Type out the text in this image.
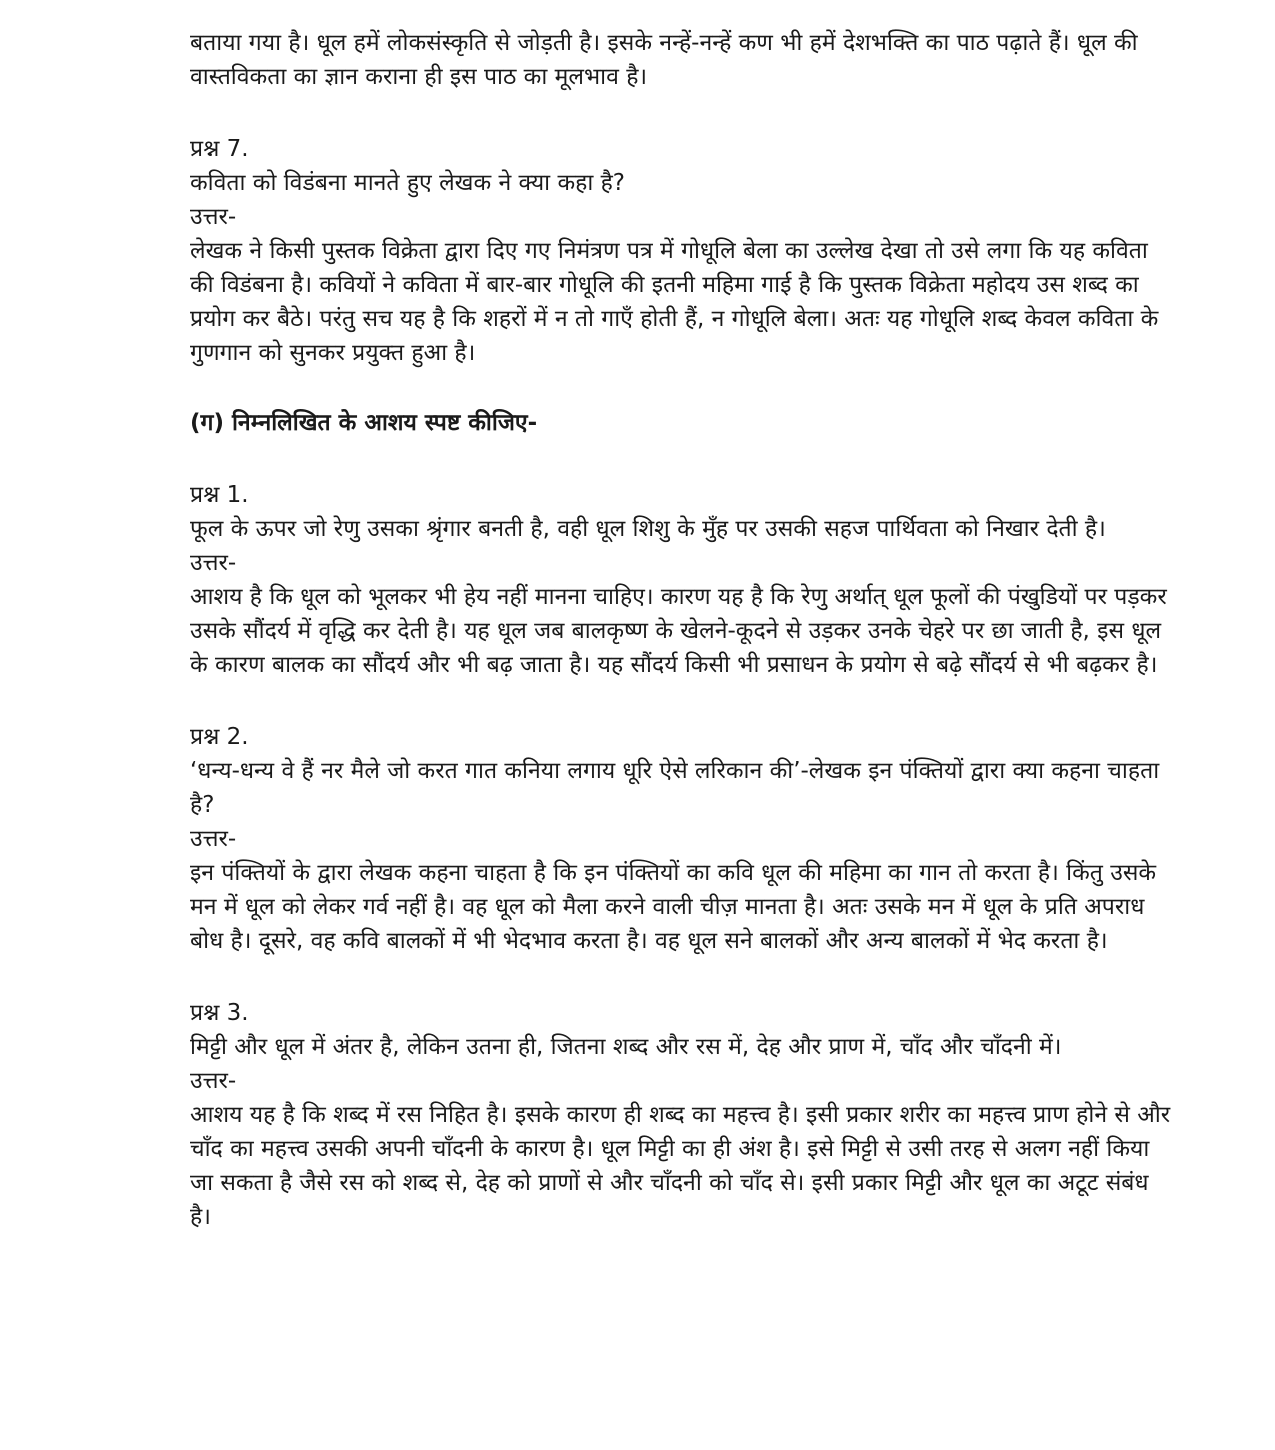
बताया गया है। धूल हमें लोकसंस्कृति से जोड़ती है। इसके नन्हें-नन्हें कण भी हमें देशभक्ति का पाठ पढ़ाते हैं। धूल की वास्तविकता का ज्ञान कराना ही इस पाठ का मूलभाव है।

प्रश्न 7.

कविता को विडंबना मानते हुए लेखक ने क्या कहा है?

उत्तर-

लेखक ने किसी पुस्तक विक्रेता द्वारा दिए गए निमंत्रण पत्र में गोधूलि बेला का उल्लेख देखा तो उसे लगा कि यह कविता की विडंबना है। कवियों ने कविता में बार-बार गोधूलि की इतनी महिमा गाई है कि पुस्तक विक्रेता महोदय उस शब्द का प्रयोग कर बैठे। परंतु सच यह है कि शहरों में न तो गाएँ होती हैं, न गोधूलि बेला। अतः यह गोधूलि शब्द केवल कविता के गुणगान को सुनकर प्रयुक्त हुआ है।

(ग) निम्नलिखित के आशय स्पष्ट कीजिए-

प्रश्न 1.

फूल के ऊपर जो रेणु उसका श्रृंगार बनती है, वही धूल शिशु के मुँह पर उसकी सहज पार्थिवता को निखार देती है।

उत्तर-

आशय है कि धूल को भूलकर भी हेय नहीं मानना चाहिए। कारण यह है कि रेणु अर्थात् धूल फूलों की पंखुडियों पर पड़कर उसके सौंदर्य में वृद्धि कर देती है। यह धूल जब बालकृष्ण के खेलने-कूदने से उड़कर उनके चेहरे पर छा जाती है, इस धूल के कारण बालक का सौंदर्य और भी बढ़ जाता है। यह सौंदर्य किसी भी प्रसाधन के प्रयोग से बढ़े सौंदर्य से भी बढ़कर है।

प्रश्न 2.

‘धन्य-धन्य वे हैं नर मैले जो करत गात कनिया लगाय धूरि ऐसे लरिकान की’-लेखक इन पंक्तियों द्वारा क्या कहना चाहता है?

उत्तर-

इन पंक्तियों के द्वारा लेखक कहना चाहता है कि इन पंक्तियों का कवि धूल की महिमा का गान तो करता है। किंतु उसके मन में धूल को लेकर गर्व नहीं है। वह धूल को मैला करने वाली चीज़ मानता है। अतः उसके मन में धूल के प्रति अपराध बोध है। दूसरे, वह कवि बालकों में भी भेदभाव करता है। वह धूल सने बालकों और अन्य बालकों में भेद करता है।

प्रश्न 3.

मिट्टी और धूल में अंतर है, लेकिन उतना ही, जितना शब्द और रस में, देह और प्राण में, चाँद और चाँदनी में।

उत्तर-

आशय यह है कि शब्द में रस निहित है। इसके कारण ही शब्द का महत्त्व है। इसी प्रकार शरीर का महत्त्व प्राण होने से और चाँद का महत्त्व उसकी अपनी चाँदनी के कारण है। धूल मिट्टी का ही अंश है। इसे मिट्टी से उसी तरह से अलग नहीं किया जा सकता है जैसे रस को शब्द से, देह को प्राणों से और चाँदनी को चाँद से। इसी प्रकार मिट्टी और धूल का अटूट संबंध है।
